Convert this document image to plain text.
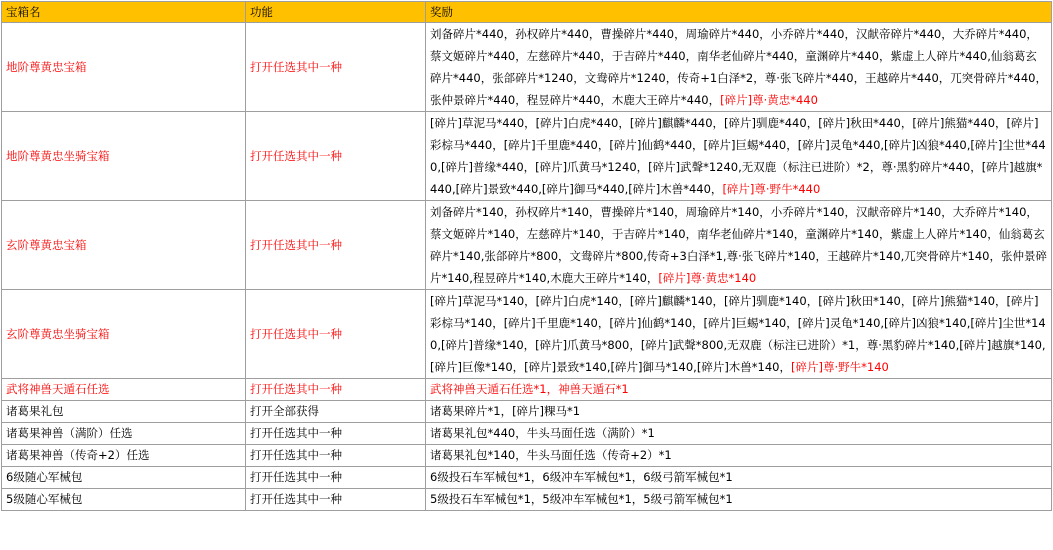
宝箱名	功能	奖励
地阶尊黄忠宝箱	打开任选其中一种	刘备碎片*440，孙权碎片*440，曹操碎片*440，周瑜碎片*440，小乔碎片*440，汉献帝碎片*440，大乔碎片*440，蔡文姬碎片*440，左慈碎片*440，于吉碎片*440，南华老仙碎片*440，童渊碎片*440，紫虚上人碎片*440,仙翁葛玄碎片*440，张郃碎片*1240，文鸯碎片*1240，传奇+1白泽*2，尊·张飞碎片*440，王越碎片*440，兀突骨碎片*440，张仲景碎片*440，程昱碎片*440，木鹿大王碎片*440，[碎片]尊·黄忠*440
地阶尊黄忠坐骑宝箱	打开任选其中一种	[碎片]草泥马*440，[碎片]白虎*440，[碎片]麒麟*440，[碎片]驯鹿*440，[碎片]秋田*440，[碎片]熊猫*440，[碎片]彩棕马*440，[碎片]千里鹿*440，[碎片]仙鹤*440，[碎片]巨蜴*440，[碎片]灵龟*440,[碎片]凶狼*440,[碎片]尘世*440,[碎片]普缘*440，[碎片]爪黄马*1240，[碎片]武聲*1240,无双鹿（标注已进阶）*2，尊·黑豹碎片*440，[碎片]越旗*440,[碎片]景致*440,[碎片]御马*440,[碎片]木兽*440，[碎片]尊·野牛*440
玄阶尊黄忠宝箱	打开任选其中一种	刘备碎片*140，孙权碎片*140，曹操碎片*140，周瑜碎片*140，小乔碎片*140，汉献帝碎片*140，大乔碎片*140，蔡文姬碎片*140，左慈碎片*140，于吉碎片*140，南华老仙碎片*140，童渊碎片*140，紫虚上人碎片*140，仙翁葛玄碎片*140,张郃碎片*800，文鸯碎片*800,传奇+3白泽*1,尊·张飞碎片*140，王越碎片*140,兀突骨碎片*140，张仲景碎片*140,程昱碎片*140,木鹿大王碎片*140，[碎片]尊·黄忠*140
玄阶尊黄忠坐骑宝箱	打开任选其中一种	[碎片]草泥马*140，[碎片]白虎*140，[碎片]麒麟*140，[碎片]驯鹿*140，[碎片]秋田*140，[碎片]熊猫*140，[碎片]彩棕马*140，[碎片]千里鹿*140，[碎片]仙鹤*140，[碎片]巨蜴*140，[碎片]灵龟*140,[碎片]凶狼*140,[碎片]尘世*140,[碎片]普缘*140，[碎片]爪黄马*800，[碎片]武聲*800,无双鹿（标注已进阶）*1，尊·黑豹碎片*140,[碎片]越旗*140,[碎片]巨像*140，[碎片]景致*140,[碎片]御马*140,[碎片]木兽*140，[碎片]尊·野牛*140
武将神兽天遁石任选	打开任选其中一种	武将神兽天遁石任选*1，神兽天遁石*1
诸葛果礼包	打开全部获得	诸葛果碎片*1，[碎片]粿马*1
诸葛果神兽（满阶）任选	打开任选其中一种	诸葛果礼包*440，牛头马面任选（满阶）*1
诸葛果神兽（传奇+2）任选	打开任选其中一种	诸葛果礼包*140，牛头马面任选（传奇+2）*1
6级随心军械包	打开任选其中一种	6级投石车军械包*1，6级冲车军械包*1，6级弓箭军械包*1
5级随心军械包	打开任选其中一种	5级投石车军械包*1，5级冲车军械包*1，5级弓箭军械包*1
